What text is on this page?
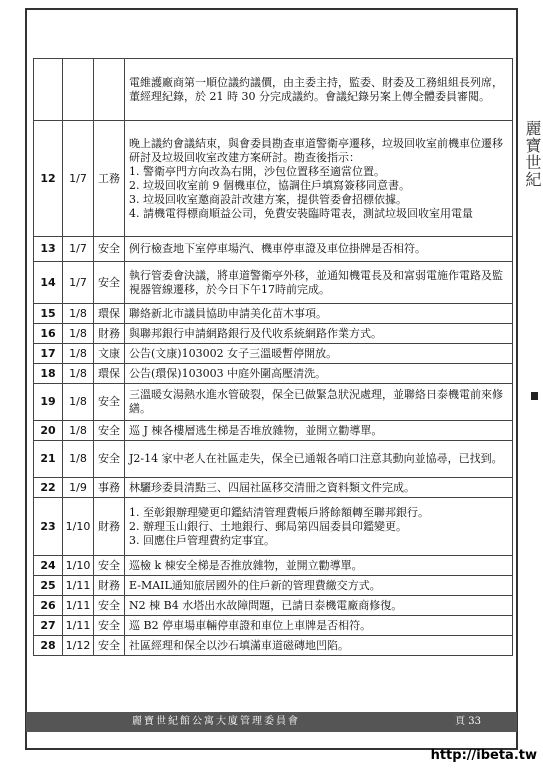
			電維護廠商第一順位議約議價，由主委主持，監委、財委及工務組組長列席，董經理紀錄，於 21 時 30 分完成議約。會議紀錄另案上傳全體委員審閱。
12	1/7	工務	晚上議約會議結束，與會委員勘查車道警衛亭遷移，垃圾回收室前機車位遷移研討及垃圾回收室改建方案研討。勘查後指示：
1. 警衛亭門方向改為右開，沙包位置移至適當位置。
2. 垃圾回收室前 9 個機車位，協調住戶填寫簽移同意書。
3. 垃圾回收室邀商設計改建方案，提供管委會招標依據。
4. 請機電得標商順益公司，免費安裝臨時電表，測試垃圾回收室用電量
13	1/7	安全	例行檢查地下室停車場汽、機車停車證及車位掛牌是否相符。
14	1/7	安全	執行管委會決議，將車道警衛亭外移，並通知機電長及和富弱電施作電路及監視器管線遷移，於今日下午17時前完成。
15	1/8	環保	聯絡新北市議員協助申請美化苗木事項。
16	1/8	財務	與聯邦銀行申請網路銀行及代收系統網路作業方式。
17	1/8	文康	公告(文康)103002 女子三溫暖暫停開放。
18	1/8	環保	公告(環保)103003 中庭外圍高壓清洗。
19	1/8	安全	三溫暖女湯熱水進水管破裂，保全已做緊急狀況處理，並聯絡日泰機電前來修繕。
20	1/8	安全	巡 J 棟各樓層逃生梯是否堆放雜物，並開立勸導單。
21	1/8	安全	J2-14 家中老人在社區走失，保全已通報各哨口注意其動向並協尋，已找到。
22	1/9	事務	林驪珍委員清點三、四屆社區移交清冊之資料類文件完成。
23	1/10	財務	1. 至彰銀辦理變更印鑑結清管理費帳戶將餘額轉至聯邦銀行。
2. 辦理玉山銀行、土地銀行、郵局第四屆委員印鑑變更。
3. 回應住戶管理費約定事宜。
24	1/10	安全	巡檢 k 棟安全梯是否推放雜物，並開立勸導單。
25	1/11	財務	E-MAIL通知旅居國外的住戶新的管理費繳交方式。
26	1/11	安全	N2 棟 B4 水塔出水故障問題，已請日泰機電廠商修復。
27	1/11	安全	巡 B2 停車場車輛停車證和車位上車牌是否相符。
28	1/12	安全	社區經理和保全以沙石填滿車道磁磚地凹陷。
麗寶世紀館公寓大廈管理委員會	頁 33
麗寶世紀
http://ibeta.tw
